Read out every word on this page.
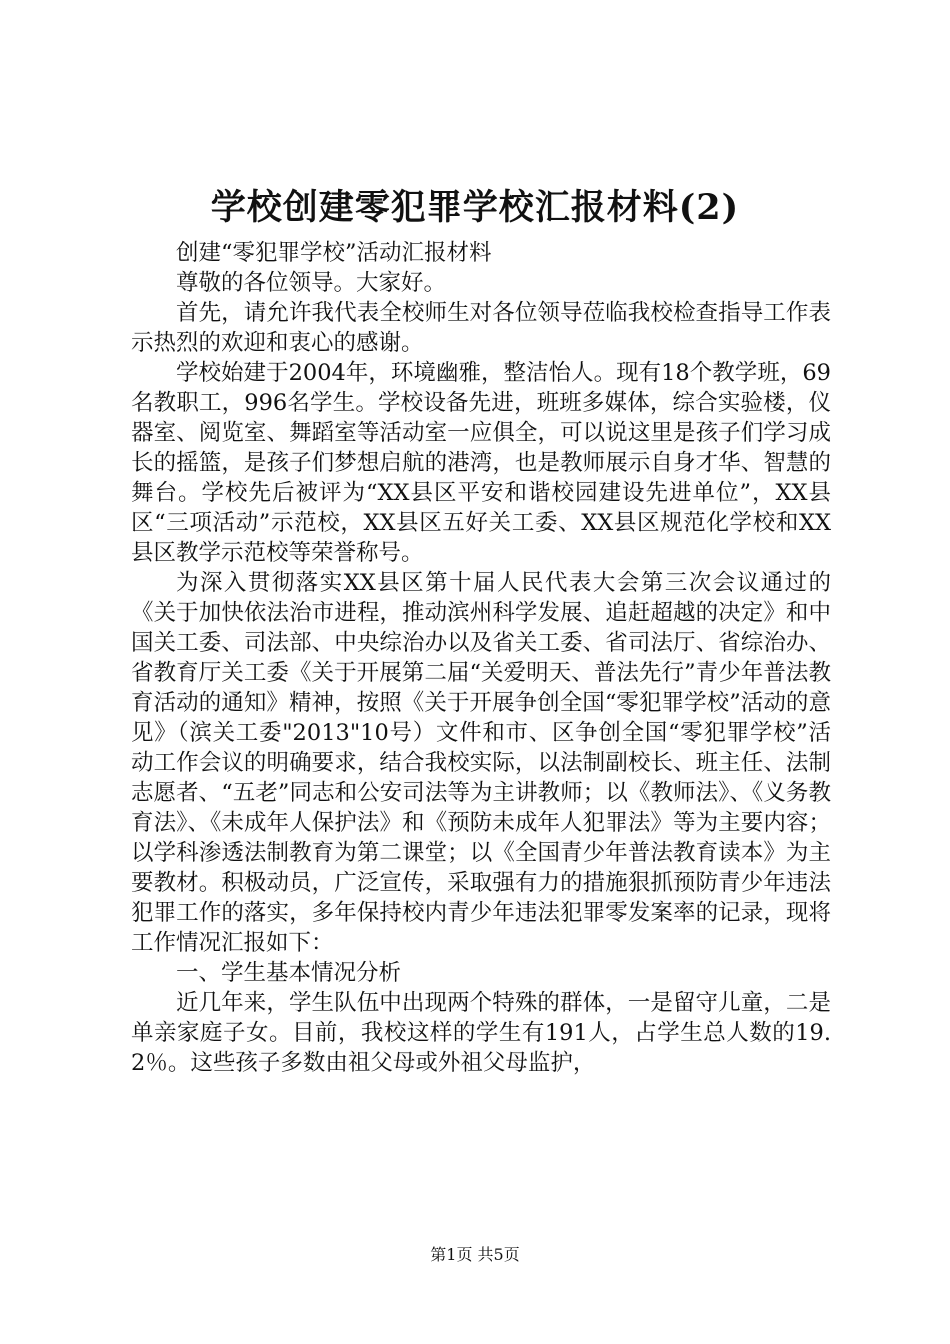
学校创建零犯罪学校汇报材料(2)

创建“零犯罪学校”活动汇报材料

尊敬的各位领导。大家好。

首先，请允许我代表全校师生对各位领导莅临我校检查指导工作表示热烈的欢迎和衷心的感谢。

学校始建于2004年，环境幽雅，整洁怡人。现有18个教学班，69名教职工，996名学生。学校设备先进，班班多媒体，综合实验楼，仪器室、阅览室、舞蹈室等活动室一应俱全，可以说这里是孩子们学习成长的摇篮，是孩子们梦想启航的港湾，也是教师展示自身才华、智慧的舞台。学校先后被评为“XX县区平安和谐校园建设先进单位”，XX县区“三项活动”示范校，XX县区五好关工委、XX县区规范化学校和XX县区教学示范校等荣誉称号。

为深入贯彻落实XX县区第十届人民代表大会第三次会议通过的《关于加快依法治市进程，推动滨州科学发展、追赶超越的决定》和中国关工委、司法部、中央综治办以及省关工委、省司法厅、省综治办、省教育厅关工委《关于开展第二届“关爱明天、普法先行”青少年普法教育活动的通知》精神，按照《关于开展争创全国“零犯罪学校”活动的意见》（滨关工委"2013"10号）文件和市、区争创全国“零犯罪学校”活动工作会议的明确要求，结合我校实际，以法制副校长、班主任、法制志愿者、“五老”同志和公安司法等为主讲教师；以《教师法》、《义务教育法》、《未成年人保护法》和《预防未成年人犯罪法》等为主要内容；以学科渗透法制教育为第二课堂；以《全国青少年普法教育读本》为主要教材。积极动员，广泛宣传，采取强有力的措施狠抓预防青少年违法犯罪工作的落实，多年保持校内青少年违法犯罪零发案率的记录，现将工作情况汇报如下：

一、学生基本情况分析

近几年来，学生队伍中出现两个特殊的群体，一是留守儿童，二是单亲家庭子女。目前，我校这样的学生有191人，占学生总人数的19.2％。这些孩子多数由祖父母或外祖父母监护，

第1页 共5页
